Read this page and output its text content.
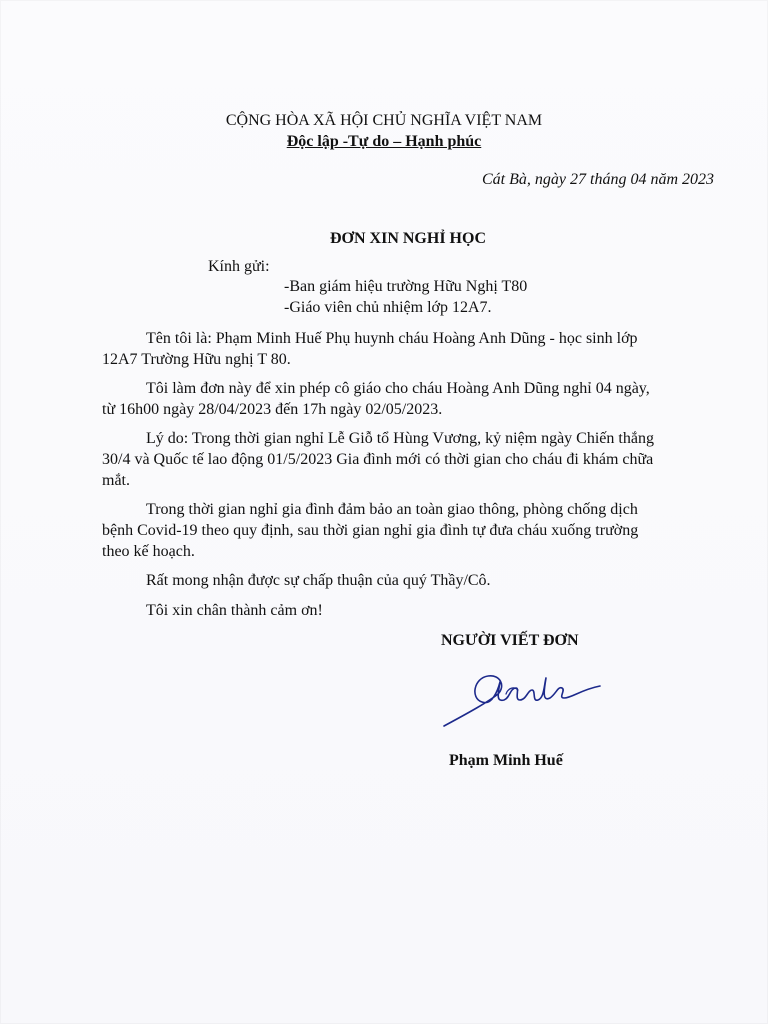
CỘNG HÒA XÃ HỘI CHỦ NGHĨA VIỆT NAM
Độc lập -Tự do – Hạnh phúc
Cát Bà, ngày 27 tháng 04 năm 2023
ĐƠN XIN NGHỈ HỌC
Kính gửi:
-Ban giám hiệu trường Hữu Nghị T80
-Giáo viên chủ nhiệm lớp 12A7.
Tên tôi là: Phạm Minh Huế Phụ huynh cháu Hoàng Anh Dũng - học sinh lớp
12A7 Trường Hữu nghị T 80.
Tôi làm đơn này để xin phép cô giáo cho cháu Hoàng Anh Dũng nghỉ 04 ngày,
từ 16h00 ngày 28/04/2023 đến 17h ngày 02/05/2023.
Lý do: Trong thời gian nghỉ Lễ Giỗ tổ Hùng Vương, kỷ niệm ngày Chiến thắng
30/4 và Quốc tế lao động 01/5/2023 Gia đình mới có thời gian cho cháu đi khám chữa
mắt.
Trong thời gian nghỉ gia đình đảm bảo an toàn giao thông, phòng chống dịch
bệnh Covid-19 theo quy định, sau thời gian nghỉ gia đình tự đưa cháu xuống trường
theo kế hoạch.
Rất mong nhận được sự chấp thuận của quý Thầy/Cô.
Tôi xin chân thành cảm ơn!
NGƯỜI VIẾT ĐƠN
Phạm Minh Huế
